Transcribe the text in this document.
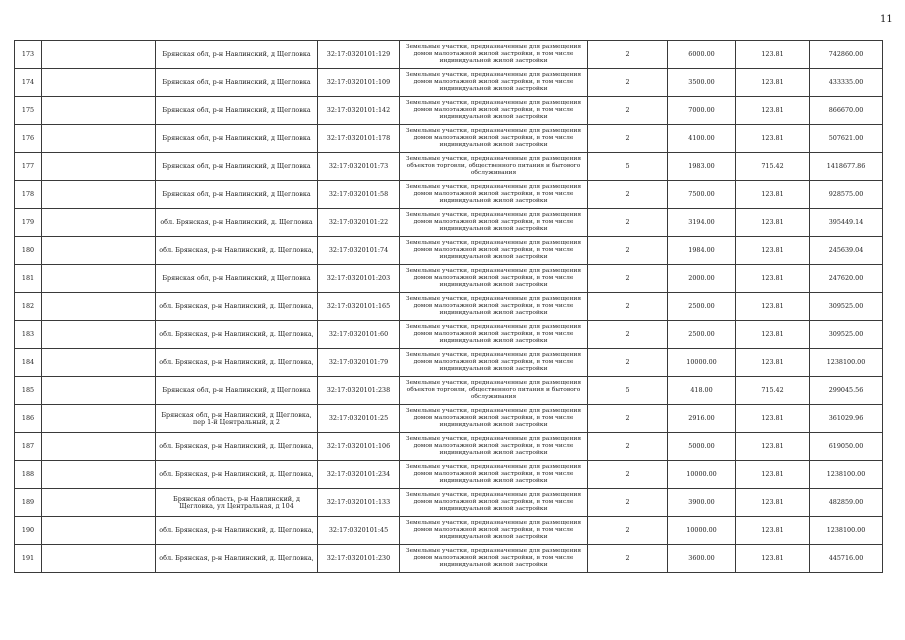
11
173		Брянская обл, р-н Навлинский, д Щегловка	32:17:0320101:129	Земельные участки, предназначенные для размещения домов малоэтажной жилой застройки, в том числе индивидуальной жилой застройки	2	6000.00	123.81	742860.00
174		Брянская обл, р-н Навлинский, д Щегловка	32:17:0320101:109	Земельные участки, предназначенные для размещения домов малоэтажной жилой застройки, в том числе индивидуальной жилой застройки	2	3500.00	123.81	433335.00
175		Брянская обл, р-н Навлинский, д Щегловка	32:17:0320101:142	Земельные участки, предназначенные для размещения домов малоэтажной жилой застройки, в том числе индивидуальной жилой застройки	2	7000.00	123.81	866670.00
176		Брянская обл, р-н Навлинский, д Щегловка	32:17:0320101:178	Земельные участки, предназначенные для размещения домов малоэтажной жилой застройки, в том числе индивидуальной жилой застройки	2	4100.00	123.81	507621.00
177		Брянская обл, р-н Навлинский, д Щегловка	32:17:0320101:73	Земельные участки, предназначенные для размещения объектов торговли, общественного питания и бытового обслуживания	5	1983.00	715.42	1418677.86
178		Брянская обл, р-н Навлинский, д Щегловка	32:17:0320101:58	Земельные участки, предназначенные для размещения домов малоэтажной жилой застройки, в том числе индивидуальной жилой застройки	2	7500.00	123.81	928575.00
179		обл. Брянская, р-н Навлинский, д. Щегловка	32:17:0320101:22	Земельные участки, предназначенные для размещения домов малоэтажной жилой застройки, в том числе индивидуальной жилой застройки	2	3194.00	123.81	395449.14
180		обл. Брянская, р-н Навлинский, д. Щегловка,	32:17:0320101:74	Земельные участки, предназначенные для размещения домов малоэтажной жилой застройки, в том числе индивидуальной жилой застройки	2	1984.00	123.81	245639.04
181		Брянская обл, р-н Навлинский, д Щегловка	32:17:0320101:203	Земельные участки, предназначенные для размещения домов малоэтажной жилой застройки, в том числе индивидуальной жилой застройки	2	2000.00	123.81	247620.00
182		обл. Брянская, р-н Навлинский, д. Щегловка,	32:17:0320101:165	Земельные участки, предназначенные для размещения домов малоэтажной жилой застройки, в том числе индивидуальной жилой застройки	2	2500.00	123.81	309525.00
183		обл. Брянская, р-н Навлинский, д. Щегловка,	32:17:0320101:60	Земельные участки, предназначенные для размещения домов малоэтажной жилой застройки, в том числе индивидуальной жилой застройки	2	2500.00	123.81	309525.00
184		обл. Брянская, р-н Навлинский, д. Щегловка,	32:17:0320101:79	Земельные участки, предназначенные для размещения домов малоэтажной жилой застройки, в том числе индивидуальной жилой застройки	2	10000.00	123.81	1238100.00
185		Брянская обл, р-н Навлинский, д Щегловка	32:17:0320101:238	Земельные участки, предназначенные для размещения объектов торговли, общественного питания и бытового обслуживания	5	418.00	715.42	299045.56
186		Брянская обл, р-н Навлинский, д Щегловка, пер 1-й Центральный, д 2	32:17:0320101:25	Земельные участки, предназначенные для размещения домов малоэтажной жилой застройки, в том числе индивидуальной жилой застройки	2	2916.00	123.81	361029.96
187		обл. Брянская, р-н Навлинский, д. Щегловка,	32:17:0320101:106	Земельные участки, предназначенные для размещения домов малоэтажной жилой застройки, в том числе индивидуальной жилой застройки	2	5000.00	123.81	619050.00
188		обл. Брянская, р-н Навлинский, д. Щегловка,	32:17:0320101:234	Земельные участки, предназначенные для размещения домов малоэтажной жилой застройки, в том числе индивидуальной жилой застройки	2	10000.00	123.81	1238100.00
189		Брянская область, р-н Навлинский, д Щегловка, ул Центральная, д 104	32:17:0320101:133	Земельные участки, предназначенные для размещения домов малоэтажной жилой застройки, в том числе индивидуальной жилой застройки	2	3900.00	123.81	482859.00
190		обл. Брянская, р-н Навлинский, д. Щегловка,	32:17:0320101:45	Земельные участки, предназначенные для размещения домов малоэтажной жилой застройки, в том числе индивидуальной жилой застройки	2	10000.00	123.81	1238100.00
191		обл. Брянская, р-н Навлинский, д. Щегловка,	32:17:0320101:230	Земельные участки, предназначенные для размещения домов малоэтажной жилой застройки, в том числе индивидуальной жилой застройки	2	3600.00	123.81	445716.00
